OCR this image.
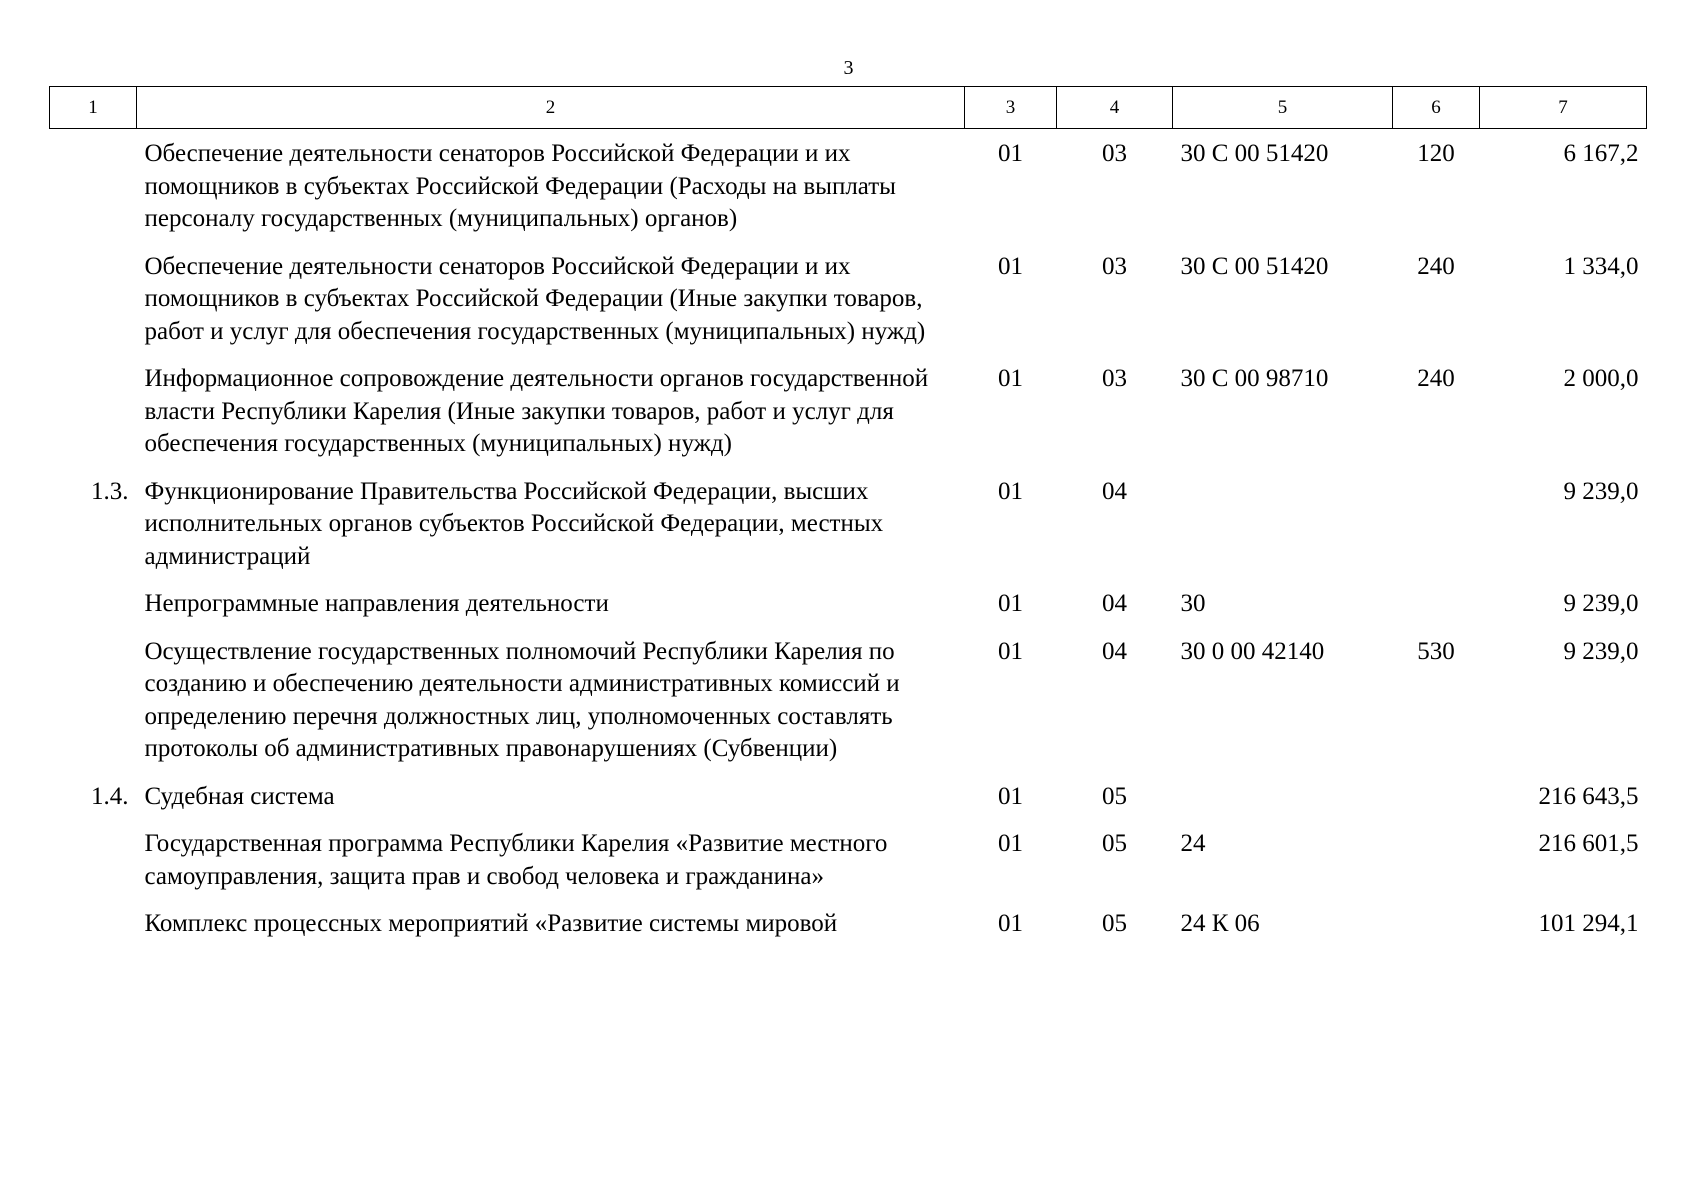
3
1	2	3	4	5	6	7
	Обеспечение деятельности сенаторов Российской Федерации и их помощников в субъектах Российской Федерации (Расходы на выплаты персоналу государственных (муниципальных) органов)	01	03	30 С 00 51420	120	6 167,2
	Обеспечение деятельности сенаторов Российской Федерации и их помощников в субъектах Российской Федерации (Иные закупки товаров, работ и услуг для обеспечения государственных (муниципальных) нужд)	01	03	30 С 00 51420	240	1 334,0
	Информационное сопровождение деятельности органов государственной власти Республики Карелия (Иные закупки товаров, работ и услуг для обеспечения государственных (муниципальных) нужд)	01	03	30 С 00 98710	240	2 000,0
1.3.	Функционирование Правительства Российской Федерации, высших исполнительных органов субъектов Российской Федерации, местных администраций	01	04			9 239,0
	Непрограммные направления деятельности	01	04	30		9 239,0
	Осуществление государственных полномочий Республики Карелия по созданию и обеспечению деятельности административных комиссий и определению перечня должностных лиц, уполномоченных составлять протоколы об административных правонарушениях (Субвенции)	01	04	30 0 00 42140	530	9 239,0
1.4.	Судебная система	01	05			216 643,5
	Государственная программа Республики Карелия «Развитие местного самоуправления, защита прав и свобод человека и гражданина»	01	05	24		216 601,5
	Комплекс процессных мероприятий «Развитие системы мировой	01	05	24 К 06		101 294,1
